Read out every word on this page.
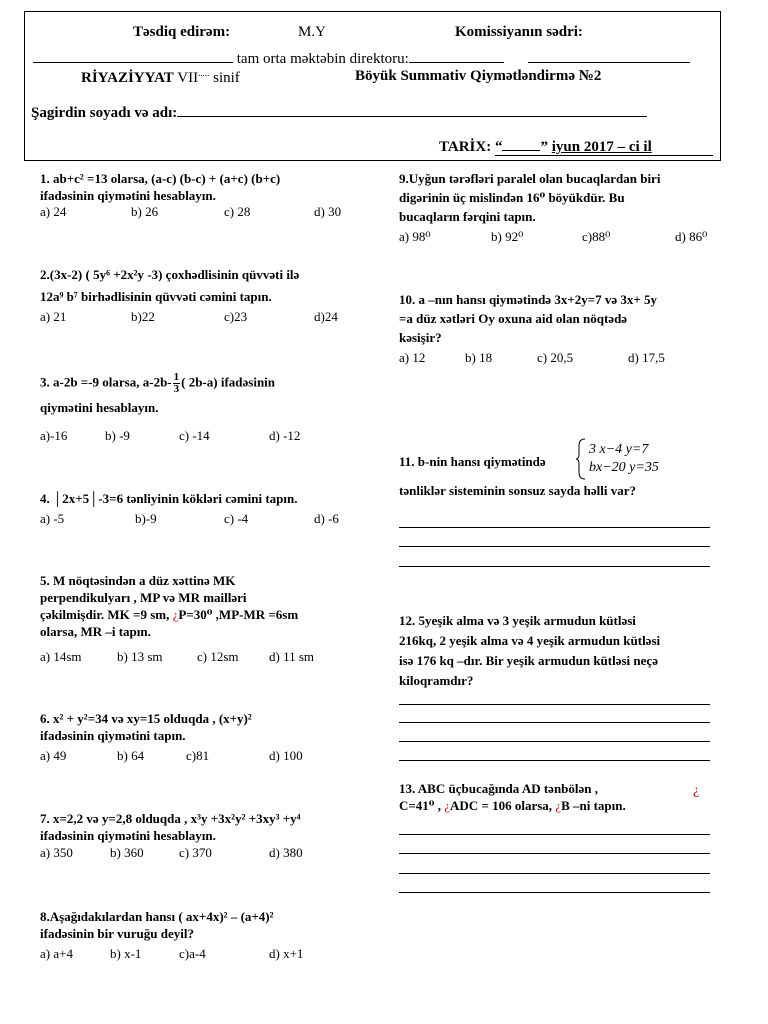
Təsdiq edirəm:	M.Y	Komissiyanın sədri:
tam orta məktəbin direktoru:
RİYAZİYYAT VII..... sinif	Böyük Summativ Qiymətləndirmə №2
Şagirdin soyadı və adı:
TARİX: “	” iyun 2017 – ci il
1. ab+c² =13 olarsa, (a-c) (b-c) + (a+c) (b+c)
ifadəsinin qiymətini hesablayın.
a) 24	b) 26	c) 28	d) 30
2.(3x-2) ( 5y⁶ +2x²y -3) çoxhədlisinin qüvvəti ilə
12a⁹ b⁷ birhədlisinin qüvvəti cəmini tapın.
a) 21	b)22	c)23	d)24
3. a-2b =-9 olarsa, $a-2b- \frac{1}{3}$ ( 2b-a) ifadəsinin
qiymətini hesablayın.
a)-16	b) -9	c) -14	d) -12
4. │2x+5│-3=6 tənliyinin kökləri cəmini tapın.
a) -5	b)-9	c) -4	d) -6
5. M nöqtəsindən a düz xəttinə MK
perpendikulyarı , MP və MR mailləri
çəkilmişdir. MK =9 sm, ¿P=30⁰ ,MP-MR =6sm
olarsa, MR –i tapın.
a) 14sm	b) 13 sm	c) 12sm d) 11 sm
6. x² + y²=34 və xy=15 olduqda , (x+y)²
ifadəsinin qiymətini tapın.
a) 49	b) 64	c)81	d) 100
7. x=2,2 və y=2,8 olduqda , x³y +3x²y² +3xy³ +y⁴
ifadəsinin qiymətini hesablayın.
a) 350	b) 360	c) 370	d) 380
8.Aşağıdakılardan hansı ( ax+4x)² – (a+4)²
ifadəsinin bir vuruğu deyil?
a) a+4	b) x-1	c)a-4	d) x+1
9.Uyğun tərəfləri paralel olan bucaqlardan biri
digərinin üç mislindən 16⁰ böyükdür. Bu
bucaqların fərqini tapın.
a) 98⁰	b) 92⁰	c)88⁰	d) 86⁰
10. a –nın hansı qiymətində 3x+2y=7 və 3x+ 5y
=a düz xətləri Oy oxuna aid olan nöqtədə
kəsişir?
a) 12	b) 18	c) 20,5	d) 17,5
11. b-nin hansı qiymətində
3 x−4 y=7
bx−20 y=35
tənliklər sisteminin sonsuz sayda həlli var?
12. 5yeşik alma və 3 yeşik armudun kütləsi
216kq, 2 yeşik alma və 4 yeşik armudun kütləsi
isə 176 kq –dır. Bir yeşik armudun kütləsi neçə
kiloqramdır?
¿
13. ABC üçbucağında AD tənbölən ,
C=41⁰ , ¿ADC = 106 olarsa, ¿B –ni tapın.
